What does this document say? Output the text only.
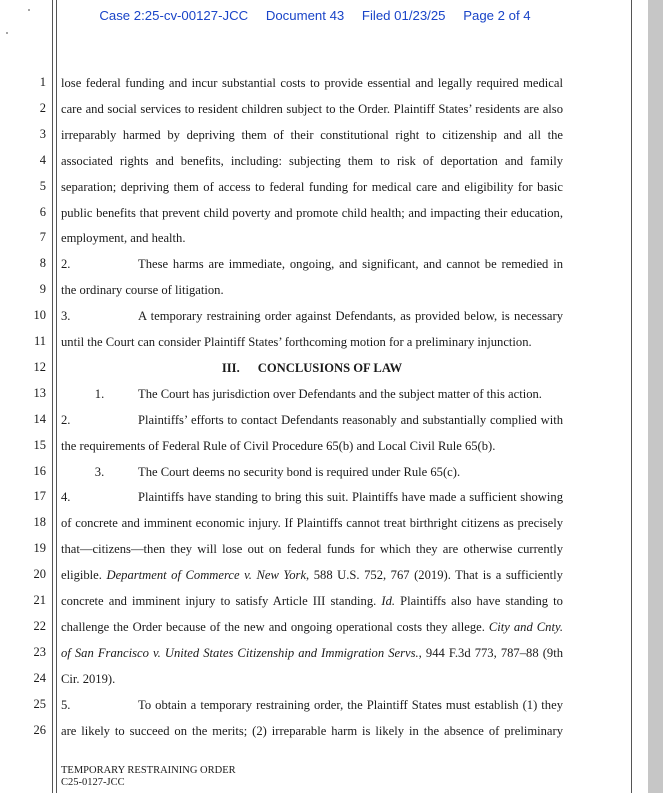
Case 2:25-cv-00127-JCC Document 43 Filed 01/23/25 Page 2 of 4
1 lose federal funding and incur substantial costs to provide essential and legally required medical
2 care and social services to resident children subject to the Order. Plaintiff States’ residents are also
3 irreparably harmed by depriving them of their constitutional right to citizenship and all the
4 associated rights and benefits, including: subjecting them to risk of deportation and family
5 separation; depriving them of access to federal funding for medical care and eligibility for basic
6 public benefits that prevent child poverty and promote child health; and impacting their education,
7 employment, and health.
8 2.	These harms are immediate, ongoing, and significant, and cannot be remedied in
9 the ordinary course of litigation.
10 3.	A temporary restraining order against Defendants, as provided below, is necessary
11 until the Court can consider Plaintiff States’ forthcoming motion for a preliminary injunction.
12	III. CONCLUSIONS OF LAW
13	1.	The Court has jurisdiction over Defendants and the subject matter of this action.
14 2.	Plaintiffs’ efforts to contact Defendants reasonably and substantially complied with
15 the requirements of Federal Rule of Civil Procedure 65(b) and Local Civil Rule 65(b).
16	3.	The Court deems no security bond is required under Rule 65(c).
17 4.	Plaintiffs have standing to bring this suit. Plaintiffs have made a sufficient showing
18 of concrete and imminent economic injury. If Plaintiffs cannot treat birthright citizens as precisely
19 that—citizens—then they will lose out on federal funds for which they are otherwise currently
20 eligible. Department of Commerce v. New York, 588 U.S. 752, 767 (2019). That is a sufficiently
21 concrete and imminent injury to satisfy Article III standing. Id. Plaintiffs also have standing to
22 challenge the Order because of the new and ongoing operational costs they allege. City and Cnty.
23 of San Francisco v. United States Citizenship and Immigration Servs., 944 F.3d 773, 787–88 (9th
24 Cir. 2019).
25 5.	To obtain a temporary restraining order, the Plaintiff States must establish (1) they
26 are likely to succeed on the merits; (2) irreparable harm is likely in the absence of preliminary
TEMPORARY RESTRAINING ORDER
C25-0127-JCC
